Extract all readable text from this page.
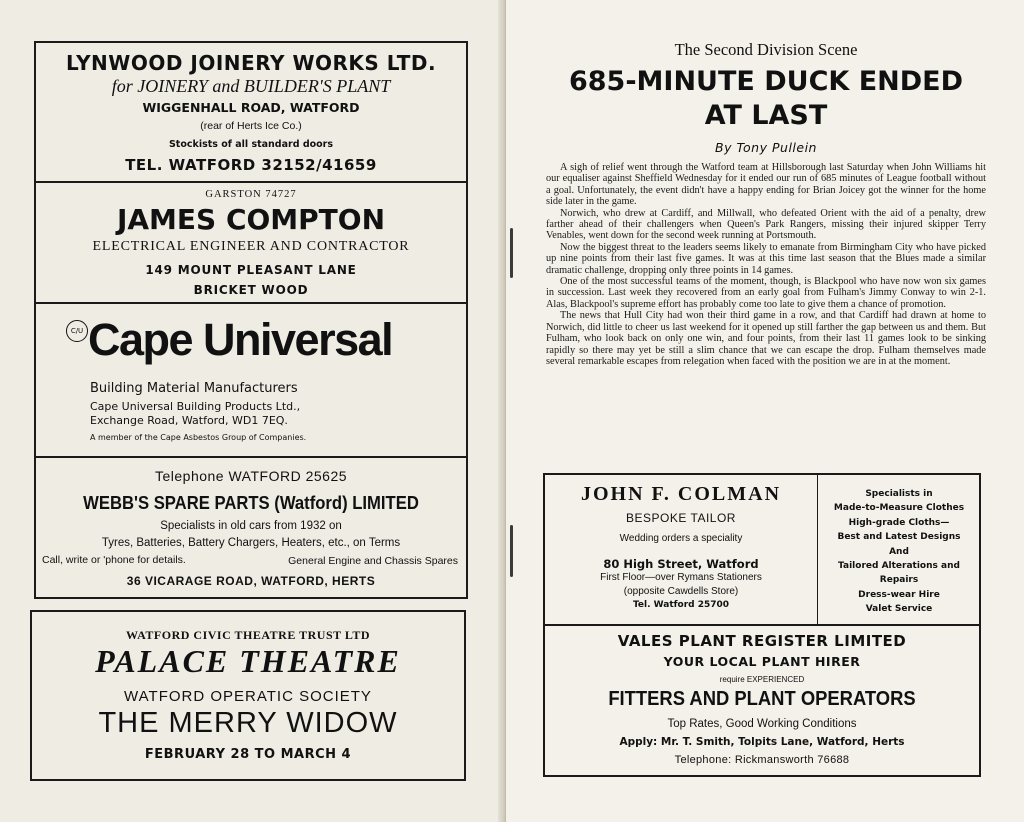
LYNWOOD JOINERY WORKS LTD.
for JOINERY and BUILDER'S PLANT
WIGGENHALL ROAD, WATFORD
(rear of Herts Ice Co.)
Stockists of all standard doors
TEL. WATFORD 32152/41659
GARSTON 74727
JAMES COMPTON
ELECTRICAL ENGINEER AND CONTRACTOR
149 MOUNT PLEASANT LANE
BRICKET WOOD
C/U Cape Universal
Building Material Manufacturers
Cape Universal Building Products Ltd.,
Exchange Road, Watford, WD1 7EQ.
A member of the Cape Asbestos Group of Companies.
Telephone WATFORD 25625
WEBB'S SPARE PARTS (Watford) LIMITED
Specialists in old cars from 1932 on
Tyres, Batteries, Battery Chargers, Heaters, etc., on Terms
Call, write or 'phone for details.	General Engine and Chassis Spares
36 VICARAGE ROAD, WATFORD, HERTS
WATFORD CIVIC THEATRE TRUST LTD
PALACE THEATRE
WATFORD OPERATIC SOCIETY
THE MERRY WIDOW
FEBRUARY 28 TO MARCH 4
The Second Division Scene
685-MINUTE DUCK ENDED
AT LAST
By Tony Pullein

A sigh of relief went through the Watford team at Hillsborough last Saturday when John Williams hit our equaliser against Sheffield Wednesday for it ended our run of 685 minutes of League football without a goal. Unfortunately, the event didn't have a happy ending for Brian Joicey got the winner for the home side later in the game.

Norwich, who drew at Cardiff, and Millwall, who defeated Orient with the aid of a penalty, drew farther ahead of their challengers when Queen's Park Rangers, missing their injured skipper Terry Venables, went down for the second week running at Portsmouth.

Now the biggest threat to the leaders seems likely to emanate from Birmingham City who have picked up nine points from their last five games. It was at this time last season that the Blues made a similar dramatic challenge, dropping only three points in 14 games.

One of the most successful teams of the moment, though, is Blackpool who have now won six games in succession. Last week they recovered from an early goal from Fulham's Jimmy Conway to win 2-1. Alas, Blackpool's supreme effort has probably come too late to give them a chance of promotion.

The news that Hull City had won their third game in a row, and that Cardiff had drawn at home to Norwich, did little to cheer us last weekend for it opened up still farther the gap between us and them. But Fulham, who look back on only one win, and four points, from their last 11 games look to be sinking rapidly so there may yet be still a slim chance that we can escape the drop. Fulham themselves made several remarkable escapes from relegation when faced with the position we are in at the moment.

JOHN F. COLMAN
BESPOKE TAILOR
Wedding orders a speciality
80 High Street, Watford
First Floor—over Rymans Stationers
(opposite Cawdells Store)
Tel. Watford 25700
Specialists in
Made-to-Measure Clothes
High-grade Cloths—
Best and Latest Designs
And
Tailored Alterations and
Repairs
Dress-wear Hire
Valet Service
VALES PLANT REGISTER LIMITED
YOUR LOCAL PLANT HIRER
require EXPERIENCED
FITTERS AND PLANT OPERATORS
Top Rates, Good Working Conditions
Apply: Mr. T. Smith, Tolpits Lane, Watford, Herts
Telephone: Rickmansworth 76688
